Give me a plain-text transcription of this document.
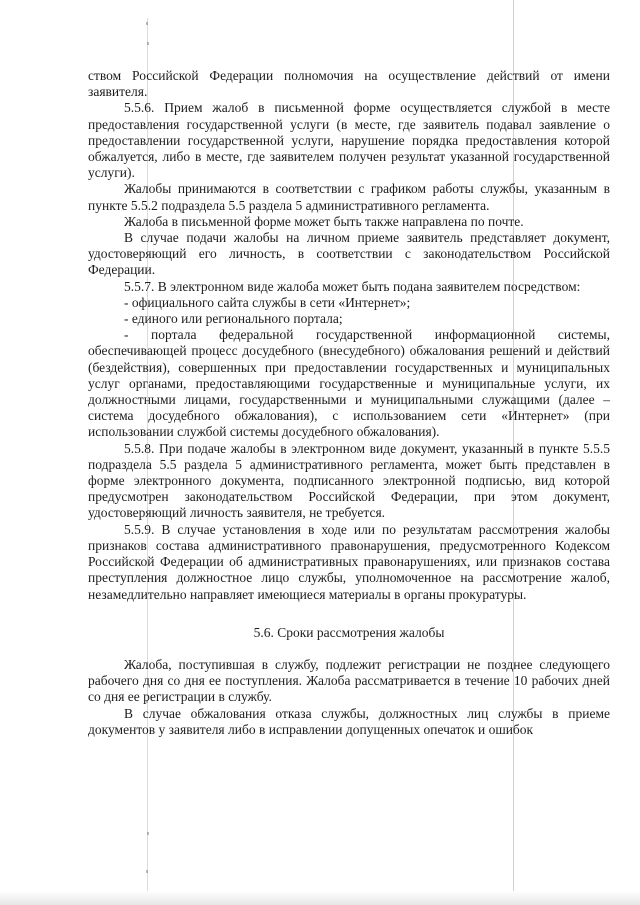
ством Российской Федерации полномочия на осуществление действий от имени заявителя.

5.5.6. Прием жалоб в письменной форме осуществляется службой в месте предоставления государственной услуги (в месте, где заявитель подавал заявление о предоставлении государственной услуги, нарушение порядка предоставления которой обжалуется, либо в месте, где заявителем получен результат указанной государственной услуги).

Жалобы принимаются в соответствии с графиком работы службы, указанным в пункте 5.5.2 подраздела 5.5 раздела 5 административного регламента.

Жалоба в письменной форме может быть также направлена по почте.

В случае подачи жалобы на личном приеме заявитель представляет документ, удостоверяющий его личность, в соответствии с законодательством Российской Федерации.

5.5.7. В электронном виде жалоба может быть подана заявителем посредством:

- официального сайта службы в сети «Интернет»;

- единого или регионального портала;

- портала федеральной государственной информационной системы, обеспечивающей процесс досудебного (внесудебного) обжалования решений и действий (бездействия), совершенных при предоставлении государственных и муниципальных услуг органами, предоставляющими государственные и муниципальные услуги, их должностными лицами, государственными и муниципальными служащими (далее – система досудебного обжалования), с использованием сети «Интернет» (при использовании службой системы досудебного обжалования).

5.5.8. При подаче жалобы в электронном виде документ, указанный в пункте 5.5.5 подраздела 5.5 раздела 5 административного регламента, может быть представлен в форме электронного документа, подписанного электронной подписью, вид которой предусмотрен законодательством Российской Федерации, при этом документ, удостоверяющий личность заявителя, не требуется.

5.5.9. В случае установления в ходе или по результатам рассмотрения жалобы признаков состава административного правонарушения, предусмотренного Кодексом Российской Федерации об административных правонарушениях, или признаков состава преступления должностное лицо службы, уполномоченное на рассмотрение жалоб, незамедлительно направляет имеющиеся материалы в органы прокуратуры.

5.6. Сроки рассмотрения жалобы

Жалоба, поступившая в службу, подлежит регистрации не позднее следующего рабочего дня со дня ее поступления. Жалоба рассматривается в течение 10 рабочих дней со дня ее регистрации в службу.

В случае обжалования отказа службы, должностных лиц службы в приеме документов у заявителя либо в исправлении допущенных опечаток и ошибок
